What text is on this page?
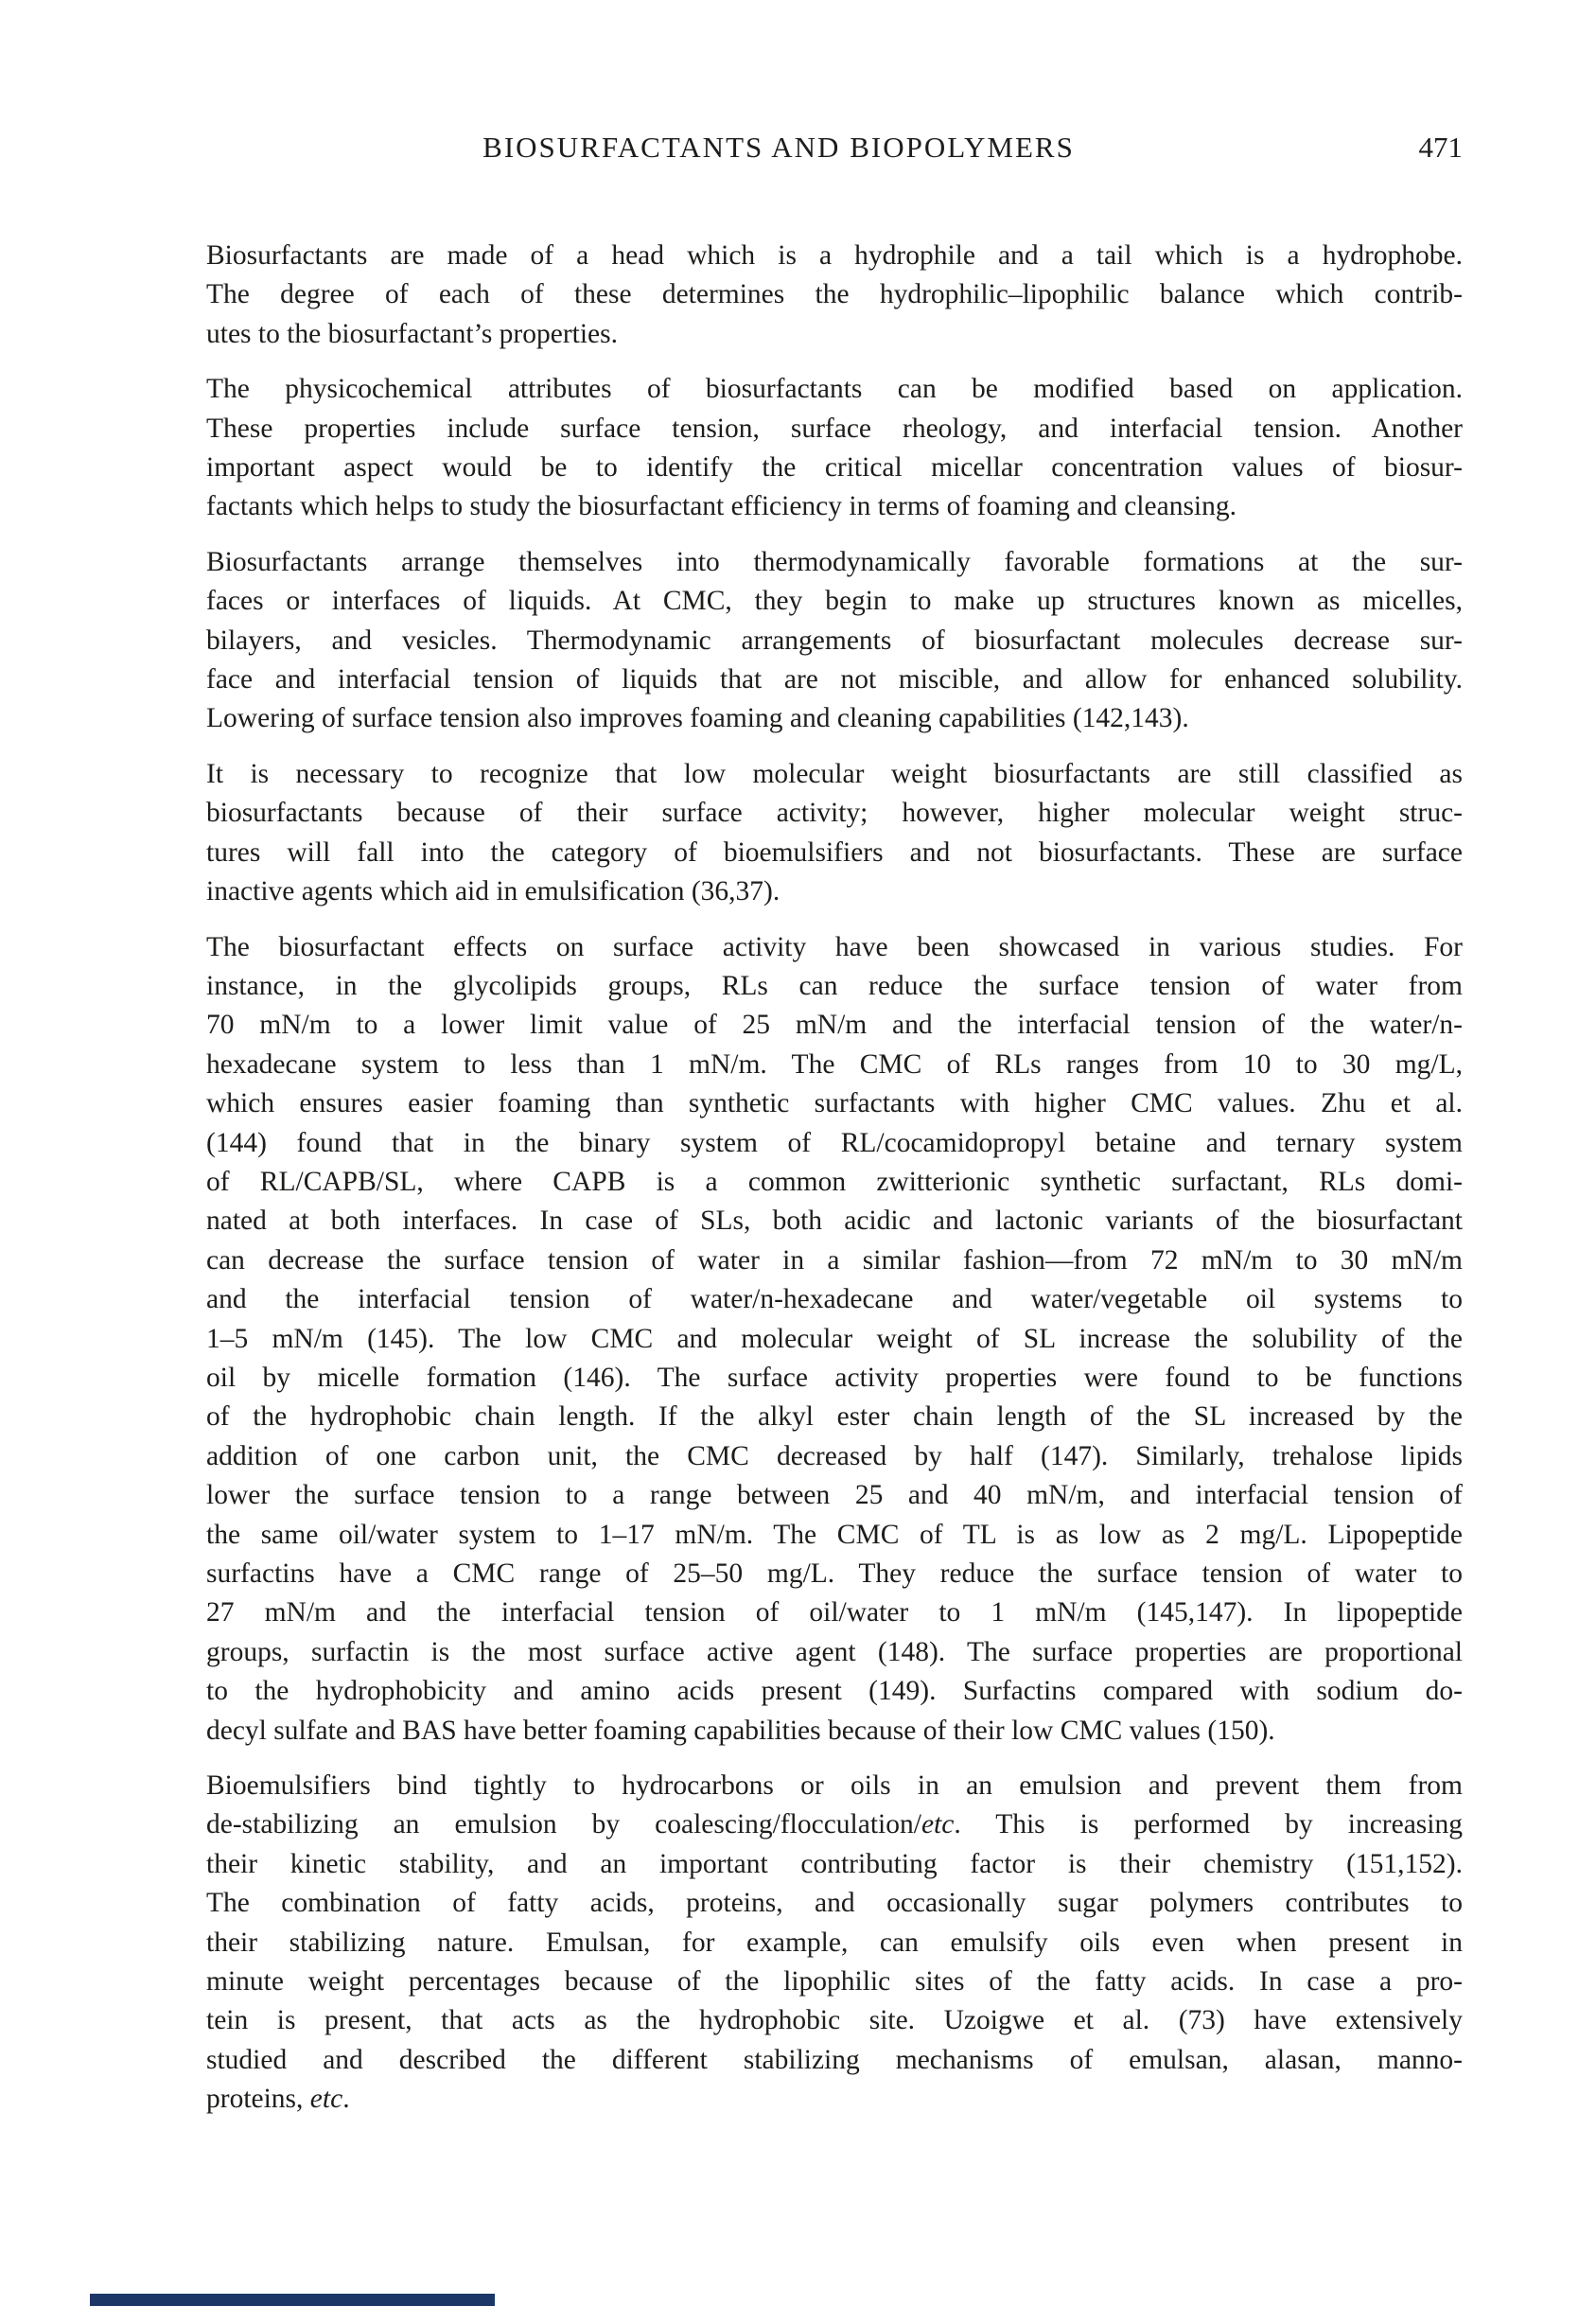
BIOSURFACTANTS AND BIOPOLYMERS	471

Biosurfactants are made of a head which is a hydrophile and a tail which is a hydrophobe.
The degree of each of these determines the hydrophilic–lipophilic balance which contrib-
utes to the biosurfactant’s properties.

The physicochemical attributes of biosurfactants can be modified based on application.
These properties include surface tension, surface rheology, and interfacial tension. Another
important aspect would be to identify the critical micellar concentration values of biosur-
factants which helps to study the biosurfactant efficiency in terms of foaming and cleansing.

Biosurfactants arrange themselves into thermodynamically favorable formations at the sur-
faces or interfaces of liquids. At CMC, they begin to make up structures known as micelles,
bilayers, and vesicles. Thermodynamic arrangements of biosurfactant molecules decrease sur-
face and interfacial tension of liquids that are not miscible, and allow for enhanced solubility.
Lowering of surface tension also improves foaming and cleaning capabilities (142,143).

It is necessary to recognize that low molecular weight biosurfactants are still classified as
biosurfactants because of their surface activity; however, higher molecular weight struc-
tures will fall into the category of bioemulsifiers and not biosurfactants. These are surface
inactive agents which aid in emulsification (36,37).

The biosurfactant effects on surface activity have been showcased in various studies. For
instance, in the glycolipids groups, RLs can reduce the surface tension of water from
70 mN/m to a lower limit value of 25 mN/m and the interfacial tension of the water/n-
hexadecane system to less than 1 mN/m. The CMC of RLs ranges from 10 to 30 mg/L,
which ensures easier foaming than synthetic surfactants with higher CMC values. Zhu et al.
(144) found that in the binary system of RL/cocamidopropyl betaine and ternary system
of RL/CAPB/SL, where CAPB is a common zwitterionic synthetic surfactant, RLs domi-
nated at both interfaces. In case of SLs, both acidic and lactonic variants of the biosurfactant
can decrease the surface tension of water in a similar fashion—from 72 mN/m to 30 mN/m
and the interfacial tension of water/n-hexadecane and water/vegetable oil systems to
1–5 mN/m (145). The low CMC and molecular weight of SL increase the solubility of the
oil by micelle formation (146). The surface activity properties were found to be functions
of the hydrophobic chain length. If the alkyl ester chain length of the SL increased by the
addition of one carbon unit, the CMC decreased by half (147). Similarly, trehalose lipids
lower the surface tension to a range between 25 and 40 mN/m, and interfacial tension of
the same oil/water system to 1–17 mN/m. The CMC of TL is as low as 2 mg/L. Lipopeptide
surfactins have a CMC range of 25–50 mg/L. They reduce the surface tension of water to
27 mN/m and the interfacial tension of oil/water to 1 mN/m (145,147). In lipopeptide
groups, surfactin is the most surface active agent (148). The surface properties are proportional
to the hydrophobicity and amino acids present (149). Surfactins compared with sodium do-
decyl sulfate and BAS have better foaming capabilities because of their low CMC values (150).

Bioemulsifiers bind tightly to hydrocarbons or oils in an emulsion and prevent them from
de-stabilizing an emulsion by coalescing/flocculation/etc. This is performed by increasing
their kinetic stability, and an important contributing factor is their chemistry (151,152).
The combination of fatty acids, proteins, and occasionally sugar polymers contributes to
their stabilizing nature. Emulsan, for example, can emulsify oils even when present in
minute weight percentages because of the lipophilic sites of the fatty acids. In case a pro-
tein is present, that acts as the hydrophobic site. Uzoigwe et al. (73) have extensively
studied and described the different stabilizing mechanisms of emulsan, alasan, manno-
proteins, etc.
